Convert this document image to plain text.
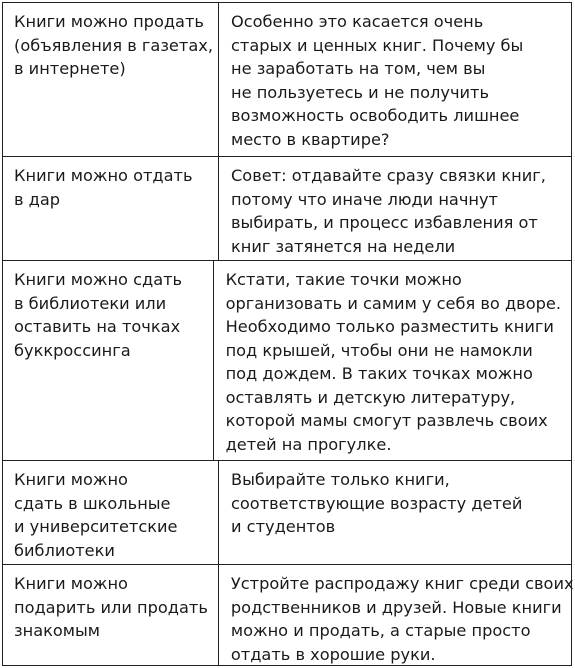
Книги можно продать
(объявления в газетах,
в интернете)
Особенно это касается очень
старых и ценных книг. Почему бы
не заработать на том, чем вы
не пользуетесь и не получить
возможность освободить лишнее
место в квартире?
Книги можно отдать
в дар
Совет: отдавайте сразу связки книг,
потому что иначе люди начнут
выбирать, и процесс избавления от
книг затянется на недели
Книги можно сдать
в библиотеки или
оставить на точках
буккроссинга
Кстати, такие точки можно
организовать и самим у себя во дворе.
Необходимо только разместить книги
под крышей, чтобы они не намокли
под дождем. В таких точках можно
оставлять и детскую литературу,
которой мамы смогут развлечь своих
детей на прогулке.
Книги можно
сдать в школьные
и университетские
библиотеки
Выбирайте только книги,
соответствующие возрасту детей
и студентов
Книги можно
подарить или продать
знакомым
Устройте распродажу книг среди своих
родственников и друзей. Новые книги
можно и продать, а старые просто
отдать в хорошие руки.
